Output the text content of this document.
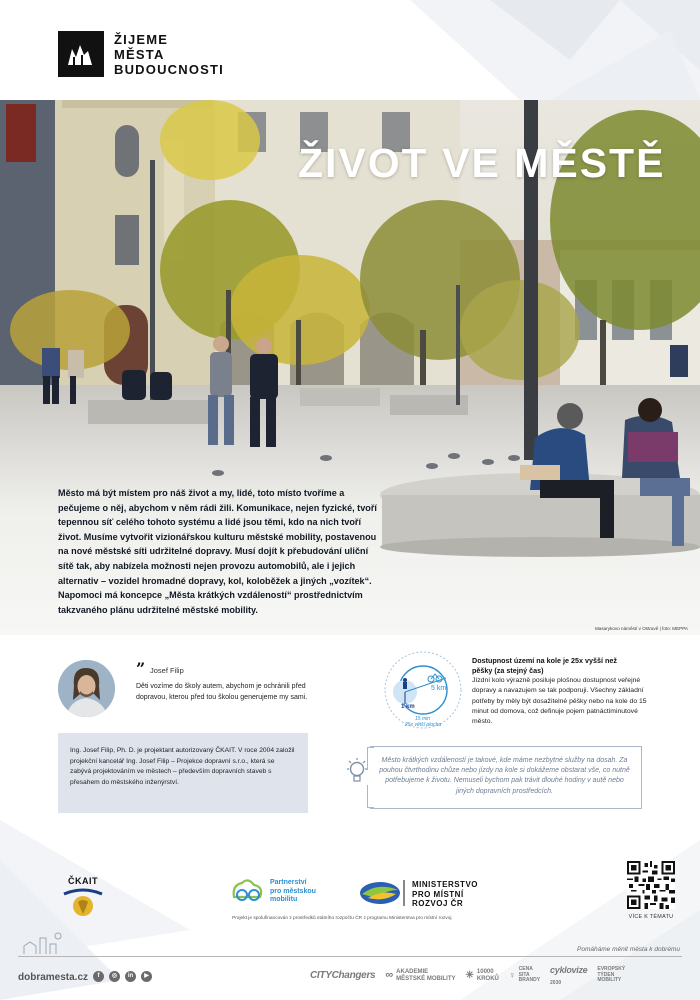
ŽIJEME
MĚSTA
BUDOUCNOSTI
ŽIVOT VE MĚSTĚ
Město má být místem pro náš život a my, lidé, toto místo tvoříme a pečujeme o něj, abychom v něm rádi žili. Komunikace, nejen fyzické, tvoří tepennou síť celého tohoto systému a lidé jsou těmi, kdo na nich tvoří život. Musíme vytvořit vizionářskou kulturu městské mobility, postavenou na nové městské síti udržitelné dopravy. Musí dojít k přebudování uliční sítě tak, aby nabízela možnosti nejen provozu automobilů, ale i jejich alternativ – vozidel hromadné dopravy, kol, koloběžek a jiných „vozítek“. Napomoci má koncepce „Města krátkých vzdáleností“ prostřednictvím takzvaného plánu udržitelné městské mobility.
Masarykovo náměstí v Ostravě | foto: MEPPA
” Josef Filip
Děti vozíme do školy autem, abychom je ochránili před dopravou, kterou před tou školou generujeme my sami.
5 km
1 km
15 min
25x větší plocha
Dostupnost území na kole je 25x vyšší než pěšky (za stejný čas)
Jízdní kolo výrazně posiluje plošnou dostupnost veřejné dopravy a navazujem se tak podporuji. Všechny základní potřeby by měly být dosažitelné pěšky nebo na kole do 15 minut od domova, což definuje pojem patnáctiminutové město.
Ing. Josef Filip, Ph. D. je projektant autorizovaný ČKAIT. V roce 2004 založil projekční kancelář Ing. Josef Filip – Projekce dopravní s.r.o., která se zabývá projektováním ve městech – především dopravních staveb s přesahem do městského inženýrství.
Město krátkých vzdáleností je takové, kde máme nezbytné služby na dosah. Za pouhou čtvrthodinu chůze nebo jízdy na kole si dokážeme obstarat vše, co nutně potřebujeme k životu. Nemuseli bychom pak trávit dlouhé hodiny v autě nebo jiných dopravních prostředcích.
ČKAIT	Partnerství
pro městskou
mobilitu
MINISTERSTVO
PRO MÍSTNÍ
ROZVOJ ČR
Projekt je spolufinancován z prostředků státního rozpočtu ČR z programu Ministerstva pro místní rozvoj.	VÍCE K TÉMATU
Pomáháme měnit města k dobrému
dobramesta.cz	f	◎	in	▶	CITYChangers ∞ AKADEMIE
MĚSTSKÉ MOBILITY ✳ 10000
KROKŮ ♀
CENA
SITA
BRANDY
cyklovize
2030
EVROPSKÝ
TÝDEN
MOBILITY
